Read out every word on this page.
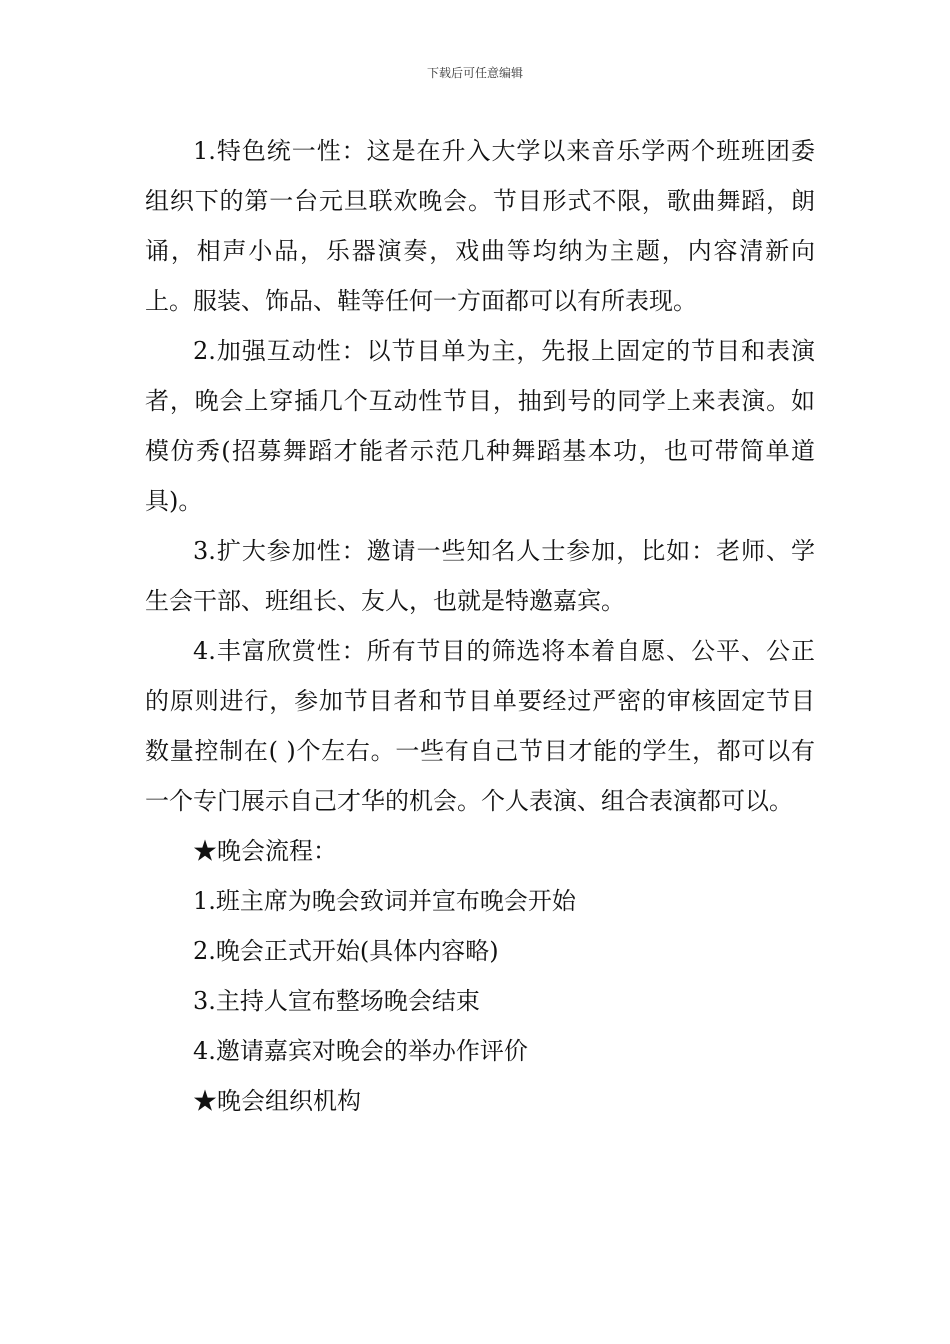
下载后可任意编辑

1.特色统一性：这是在升入大学以来音乐学两个班班团委组织下的第一台元旦联欢晚会。节目形式不限，歌曲舞蹈，朗诵，相声小品，乐器演奏，戏曲等均纳为主题，内容清新向上。服装、饰品、鞋等任何一方面都可以有所表现。

2.加强互动性：以节目单为主，先报上固定的节目和表演者，晚会上穿插几个互动性节目，抽到号的同学上来表演。如模仿秀(招募舞蹈才能者示范几种舞蹈基本功，也可带简单道具)。

3.扩大参加性：邀请一些知名人士参加，比如：老师、学生会干部、班组长、友人，也就是特邀嘉宾。

4.丰富欣赏性：所有节目的筛选将本着自愿、公平、公正的原则进行，参加节目者和节目单要经过严密的审核固定节目数量控制在( )个左右。一些有自己节目才能的学生，都可以有一个专门展示自己才华的机会。个人表演、组合表演都可以。

★晚会流程：

1.班主席为晚会致词并宣布晚会开始

2.晚会正式开始(具体内容略)

3.主持人宣布整场晚会结束

4.邀请嘉宾对晚会的举办作评价

★晚会组织机构
